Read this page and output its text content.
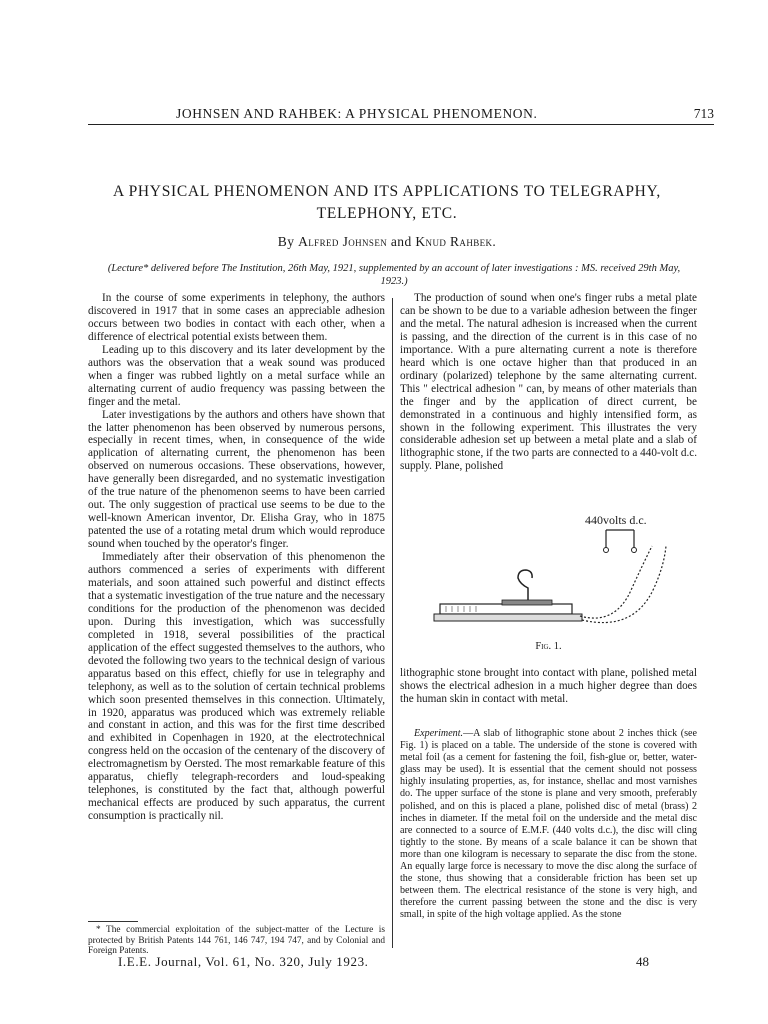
JOHNSEN AND RAHBEK: A PHYSICAL PHENOMENON.	713
A PHYSICAL PHENOMENON AND ITS APPLICATIONS TO TELEGRAPHY,
TELEPHONY, ETC.
By Alfred Johnsen and Knud Rahbek.
(Lecture* delivered before The Institution, 26th May, 1921, supplemented by an account of later investigations : MS. received 29th May, 1923.)

In the course of some experiments in telephony, the authors discovered in 1917 that in some cases an appreciable adhesion occurs between two bodies in contact with each other, when a difference of electrical potential exists between them.

Leading up to this discovery and its later development by the authors was the observation that a weak sound was produced when a finger was rubbed lightly on a metal surface while an alternating current of audio frequency was passing between the finger and the metal.

Later investigations by the authors and others have shown that the latter phenomenon has been observed by numerous persons, especially in recent times, when, in consequence of the wide application of alternating current, the phenomenon has been observed on numerous occasions. These observations, however, have generally been disregarded, and no systematic investigation of the true nature of the phenomenon seems to have been carried out. The only suggestion of practical use seems to be due to the well-known American inventor, Dr. Elisha Gray, who in 1875 patented the use of a rotating metal drum which would reproduce sound when touched by the operator's finger.

Immediately after their observation of this phenomenon the authors commenced a series of experiments with different materials, and soon attained such powerful and distinct effects that a systematic investigation of the true nature and the necessary conditions for the production of the phenomenon was decided upon. During this investigation, which was successfully completed in 1918, several possibilities of the practical application of the effect suggested themselves to the authors, who devoted the following two years to the technical design of various apparatus based on this effect, chiefly for use in telegraphy and telephony, as well as to the solution of certain technical problems which soon presented themselves in this connection. Ultimately, in 1920, apparatus was produced which was extremely reliable and constant in action, and this was for the first time described and exhibited in Copenhagen in 1920, at the electrotechnical congress held on the occasion of the centenary of the discovery of electromagnetism by Oersted. The most remarkable feature of this apparatus, chiefly telegraph-recorders and loud-speaking telephones, is constituted by the fact that, although powerful mechanical effects are produced by such apparatus, the current consumption is practically nil.

* The commercial exploitation of the subject-matter of the Lecture is protected by British Patents 144 761, 146 747, 194 747, and by Colonial and Foreign Patents.

The production of sound when one's finger rubs a metal plate can be shown to be due to a variable adhesion between the finger and the metal. The natural adhesion is increased when the current is passing, and the direction of the current is in this case of no importance. With a pure alternating current a note is therefore heard which is one octave higher than that produced in an ordinary (polarized) telephone by the same alternating current. This " electrical adhesion " can, by means of other materials than the finger and by the application of direct current, be demonstrated in a continuous and highly intensified form, as shown in the following experiment. This illustrates the very considerable adhesion set up between a metal plate and a slab of lithographic stone, if the two parts are connected to a 440-volt d.c. supply. Plane, polished

440volts d.c.
Fig. 1.

lithographic stone brought into contact with plane, polished metal shows the electrical adhesion in a much higher degree than does the human skin in contact with metal.

Experiment.—A slab of lithographic stone about 2 inches thick (see Fig. 1) is placed on a table. The underside of the stone is covered with metal foil (as a cement for fastening the foil, fish-glue or, better, water-glass may be used). It is essential that the cement should not possess highly insulating properties, as, for instance, shellac and most varnishes do. The upper surface of the stone is plane and very smooth, preferably polished, and on this is placed a plane, polished disc of metal (brass) 2 inches in diameter. If the metal foil on the underside and the metal disc are connected to a source of E.M.F. (440 volts d.c.), the disc will cling tightly to the stone. By means of a scale balance it can be shown that more than one kilogram is necessary to separate the disc from the stone. An equally large force is necessary to move the disc along the surface of the stone, thus showing that a considerable friction has been set up between them. The electrical resistance of the stone is very high, and therefore the current passing between the stone and the disc is very small, in spite of the high voltage applied. As the stone

I.E.E. Journal, Vol. 61, No. 320, July 1923.	48
